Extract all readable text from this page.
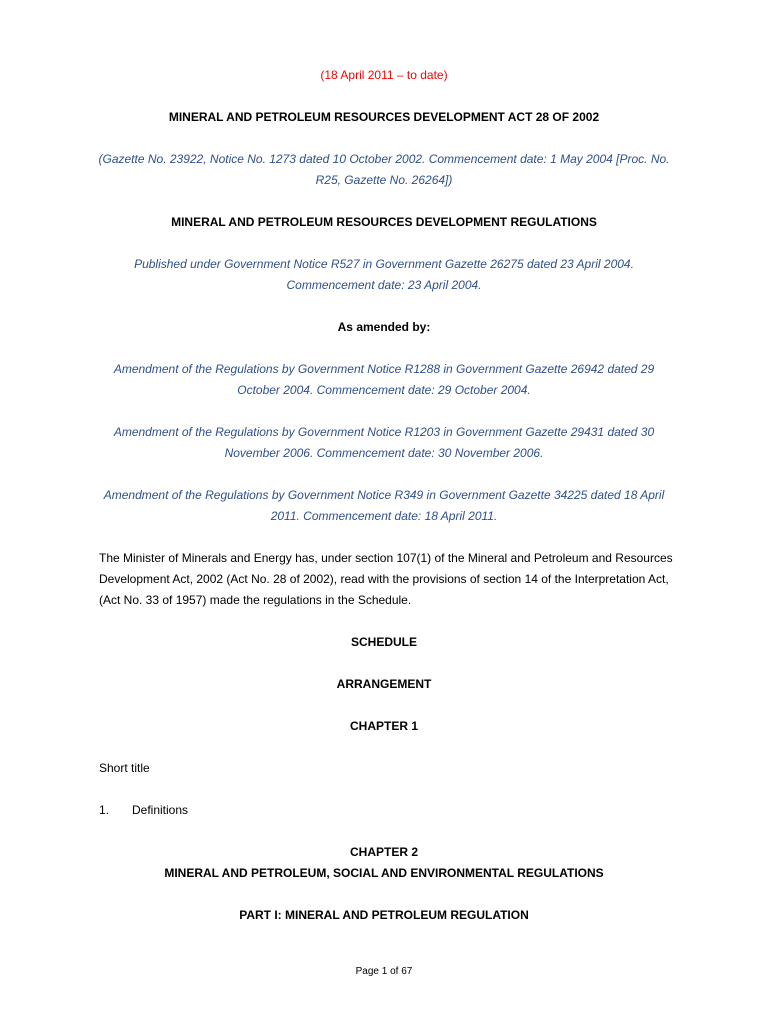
(18 April 2011 – to date)
MINERAL AND PETROLEUM RESOURCES DEVELOPMENT ACT 28 OF 2002
(Gazette No. 23922, Notice No. 1273 dated 10 October 2002. Commencement date: 1 May 2004 [Proc. No.
R25, Gazette No. 26264])
MINERAL AND PETROLEUM RESOURCES DEVELOPMENT REGULATIONS
Published under Government Notice R527 in Government Gazette 26275 dated 23 April 2004.
Commencement date: 23 April 2004.
As amended by:
Amendment of the Regulations by Government Notice R1288 in Government Gazette 26942 dated 29
October 2004. Commencement date: 29 October 2004.
Amendment of the Regulations by Government Notice R1203 in Government Gazette 29431 dated 30
November 2006. Commencement date: 30 November 2006.
Amendment of the Regulations by Government Notice R349 in Government Gazette 34225 dated 18 April
2011. Commencement date: 18 April 2011.
The Minister of Minerals and Energy has, under section 107(1) of the Mineral and Petroleum and Resources
Development Act, 2002 (Act No. 28 of 2002), read with the provisions of section 14 of the Interpretation Act,
(Act No. 33 of 1957) made the regulations in the Schedule.
SCHEDULE
ARRANGEMENT
CHAPTER 1
Short title
1. Definitions
CHAPTER 2
MINERAL AND PETROLEUM, SOCIAL AND ENVIRONMENTAL REGULATIONS
PART I: MINERAL AND PETROLEUM REGULATION
Page 1 of 67
